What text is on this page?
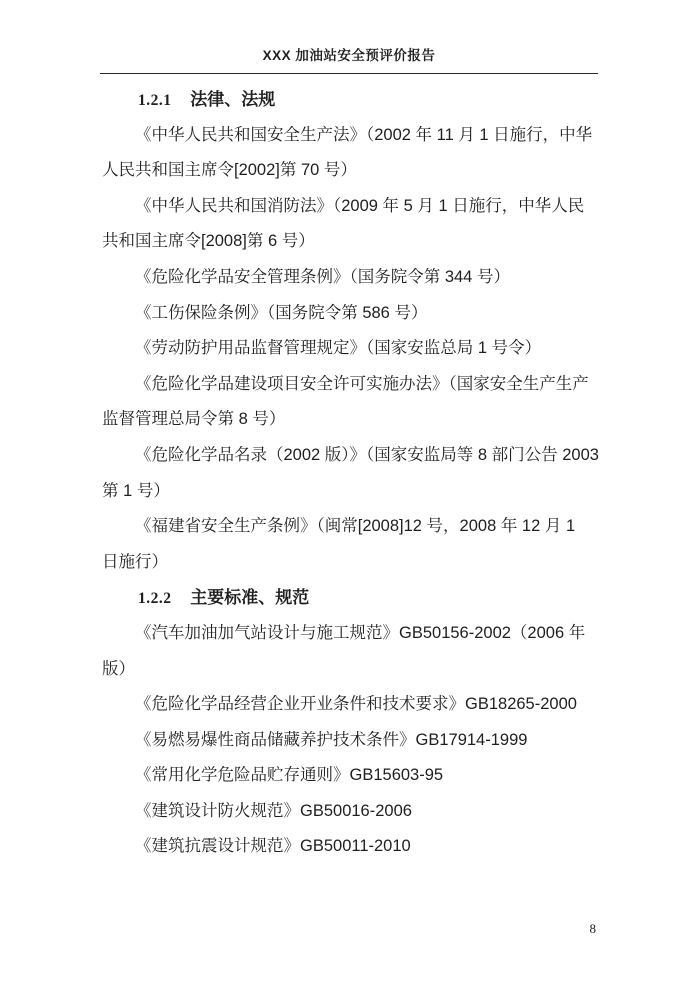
XXX 加油站安全预评价报告
1.2.1 法律、法规
《中华人民共和国安全生产法》（2002 年 11 月 1 日施行，中华
人民共和国主席令[2002]第 70 号）
《中华人民共和国消防法》（2009 年 5 月 1 日施行，中华人民
共和国主席令[2008]第 6 号）
《危险化学品安全管理条例》（国务院令第 344 号）
《工伤保险条例》（国务院令第 586 号）
《劳动防护用品监督管理规定》（国家安监总局 1 号令）
《危险化学品建设项目安全许可实施办法》（国家安全生产生产
监督管理总局令第 8 号）
《危险化学品名录（2002 版）》（国家安监局等 8 部门公告 2003
第 1 号）
《福建省安全生产条例》（闽常[2008]12 号，2008 年 12 月 1
日施行）
1.2.2 主要标准、规范
《汽车加油加气站设计与施工规范》GB50156-2002（2006 年
版）
《危险化学品经营企业开业条件和技术要求》GB18265-2000
《易燃易爆性商品储藏养护技术条件》GB17914-1999
《常用化学危险品贮存通则》GB15603-95
《建筑设计防火规范》GB50016-2006
《建筑抗震设计规范》GB50011-2010
8
